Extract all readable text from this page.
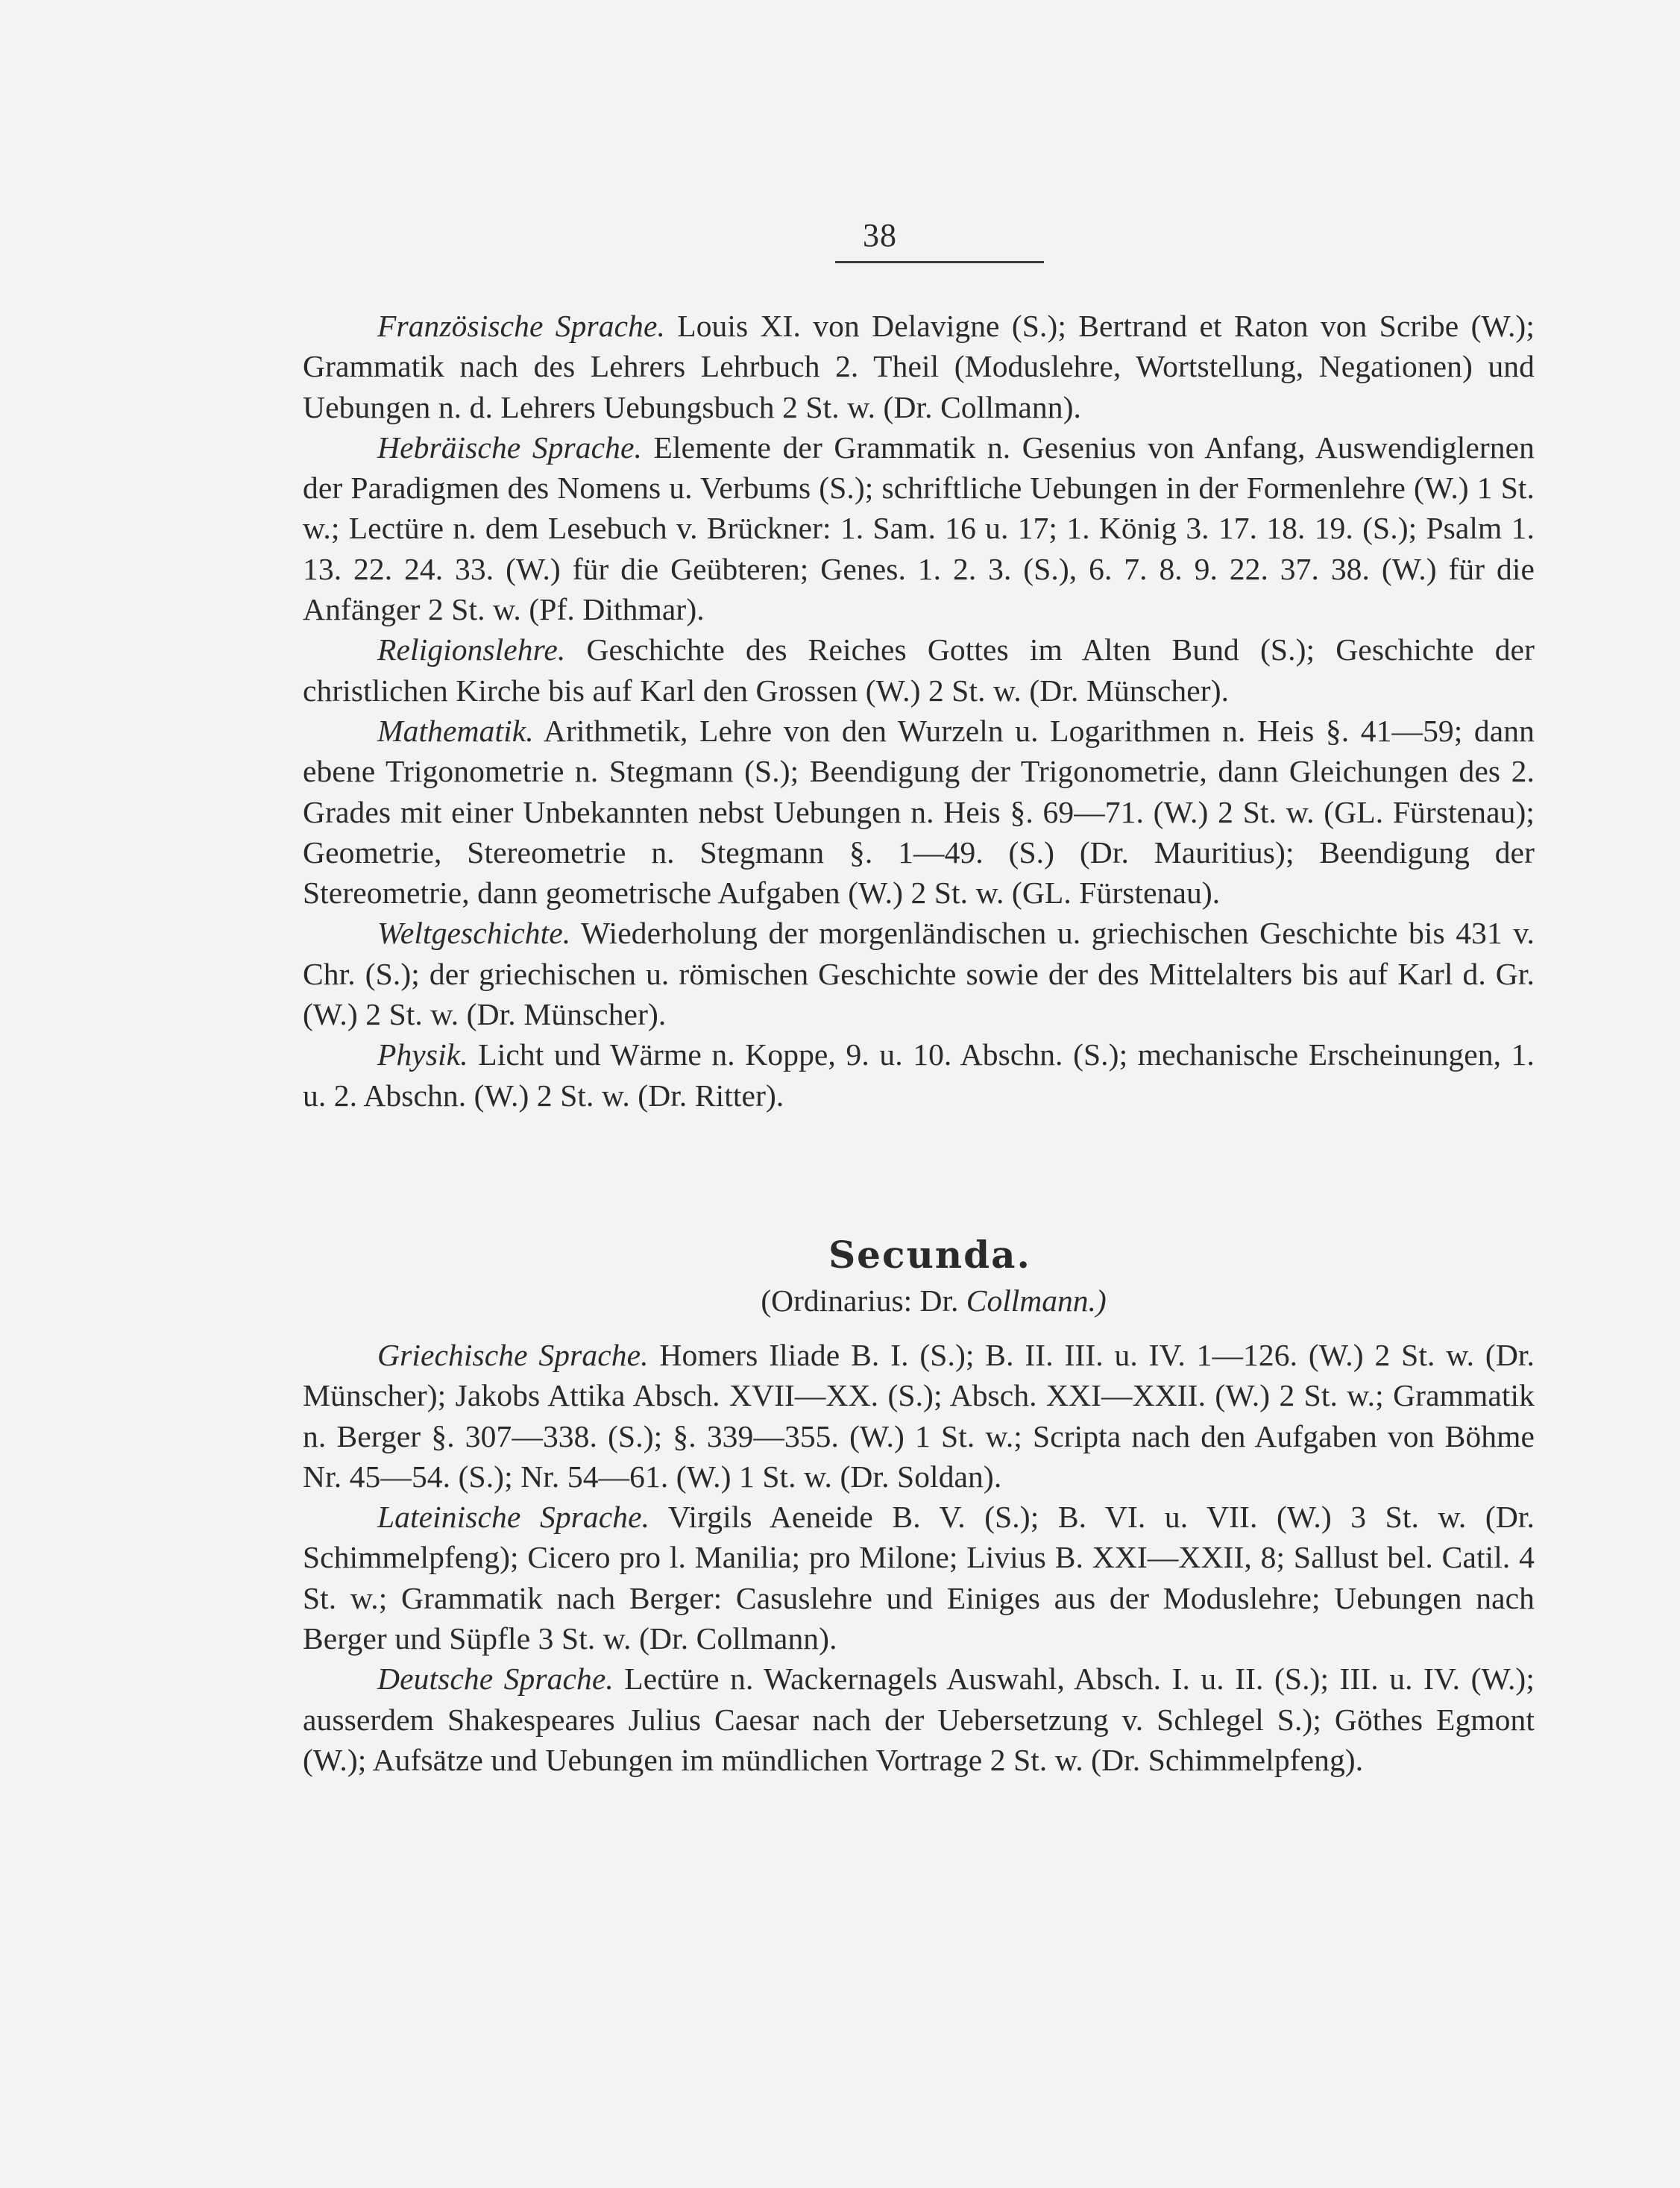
38

Französische Sprache. Louis XI. von Delavigne (S.); Bertrand et Raton von Scribe (W.); Grammatik nach des Lehrers Lehrbuch 2. Theil (Moduslehre, Wortstellung, Negationen) und Uebungen n. d. Lehrers Uebungsbuch 2 St. w. (Dr. Collmann).

Hebräische Sprache. Elemente der Grammatik n. Gesenius von Anfang, Auswendiglernen der Paradigmen des Nomens u. Verbums (S.); schriftliche Uebungen in der Formenlehre (W.) 1 St. w.; Lectüre n. dem Lesebuch v. Brückner: 1. Sam. 16 u. 17; 1. König 3. 17. 18. 19. (S.); Psalm 1. 13. 22. 24. 33. (W.) für die Geübteren; Genes. 1. 2. 3. (S.), 6. 7. 8. 9. 22. 37. 38. (W.) für die Anfänger 2 St. w. (Pf. Dithmar).

Religionslehre. Geschichte des Reiches Gottes im Alten Bund (S.); Geschichte der christlichen Kirche bis auf Karl den Grossen (W.) 2 St. w. (Dr. Münscher).

Mathematik. Arithmetik, Lehre von den Wurzeln u. Logarithmen n. Heis §. 41—59; dann ebene Trigonometrie n. Stegmann (S.); Beendigung der Trigonometrie, dann Gleichungen des 2. Grades mit einer Unbekannten nebst Uebungen n. Heis §. 69—71. (W.) 2 St. w. (GL. Fürstenau); Geometrie, Stereometrie n. Stegmann §. 1—49. (S.) (Dr. Mauritius); Beendigung der Stereometrie, dann geometrische Aufgaben (W.) 2 St. w. (GL. Fürstenau).

Weltgeschichte. Wiederholung der morgenländischen u. griechischen Geschichte bis 431 v. Chr. (S.); der griechischen u. römischen Geschichte sowie der des Mittelalters bis auf Karl d. Gr. (W.) 2 St. w. (Dr. Münscher).

Physik. Licht und Wärme n. Koppe, 9. u. 10. Abschn. (S.); mechanische Erscheinungen, 1. u. 2. Abschn. (W.) 2 St. w. (Dr. Ritter).

Secunda.
(Ordinarius: Dr. Collmann.)

Griechische Sprache. Homers Iliade B. I. (S.); B. II. III. u. IV. 1—126. (W.) 2 St. w. (Dr. Münscher); Jakobs Attika Absch. XVII—XX. (S.); Absch. XXI—XXII. (W.) 2 St. w.; Grammatik n. Berger §. 307—338. (S.); §. 339—355. (W.) 1 St. w.; Scripta nach den Aufgaben von Böhme Nr. 45—54. (S.); Nr. 54—61. (W.) 1 St. w. (Dr. Soldan).

Lateinische Sprache. Virgils Aeneide B. V. (S.); B. VI. u. VII. (W.) 3 St. w. (Dr. Schimmelpfeng); Cicero pro l. Manilia; pro Milone; Livius B. XXI—XXII, 8; Sallust bel. Catil. 4 St. w.; Grammatik nach Berger: Casuslehre und Einiges aus der Moduslehre; Uebungen nach Berger und Süpfle 3 St. w. (Dr. Collmann).

Deutsche Sprache. Lectüre n. Wackernagels Auswahl, Absch. I. u. II. (S.); III. u. IV. (W.); ausserdem Shakespeares Julius Caesar nach der Uebersetzung v. Schlegel S.); Göthes Egmont (W.); Aufsätze und Uebungen im mündlichen Vortrage 2 St. w. (Dr. Schimmelpfeng).
